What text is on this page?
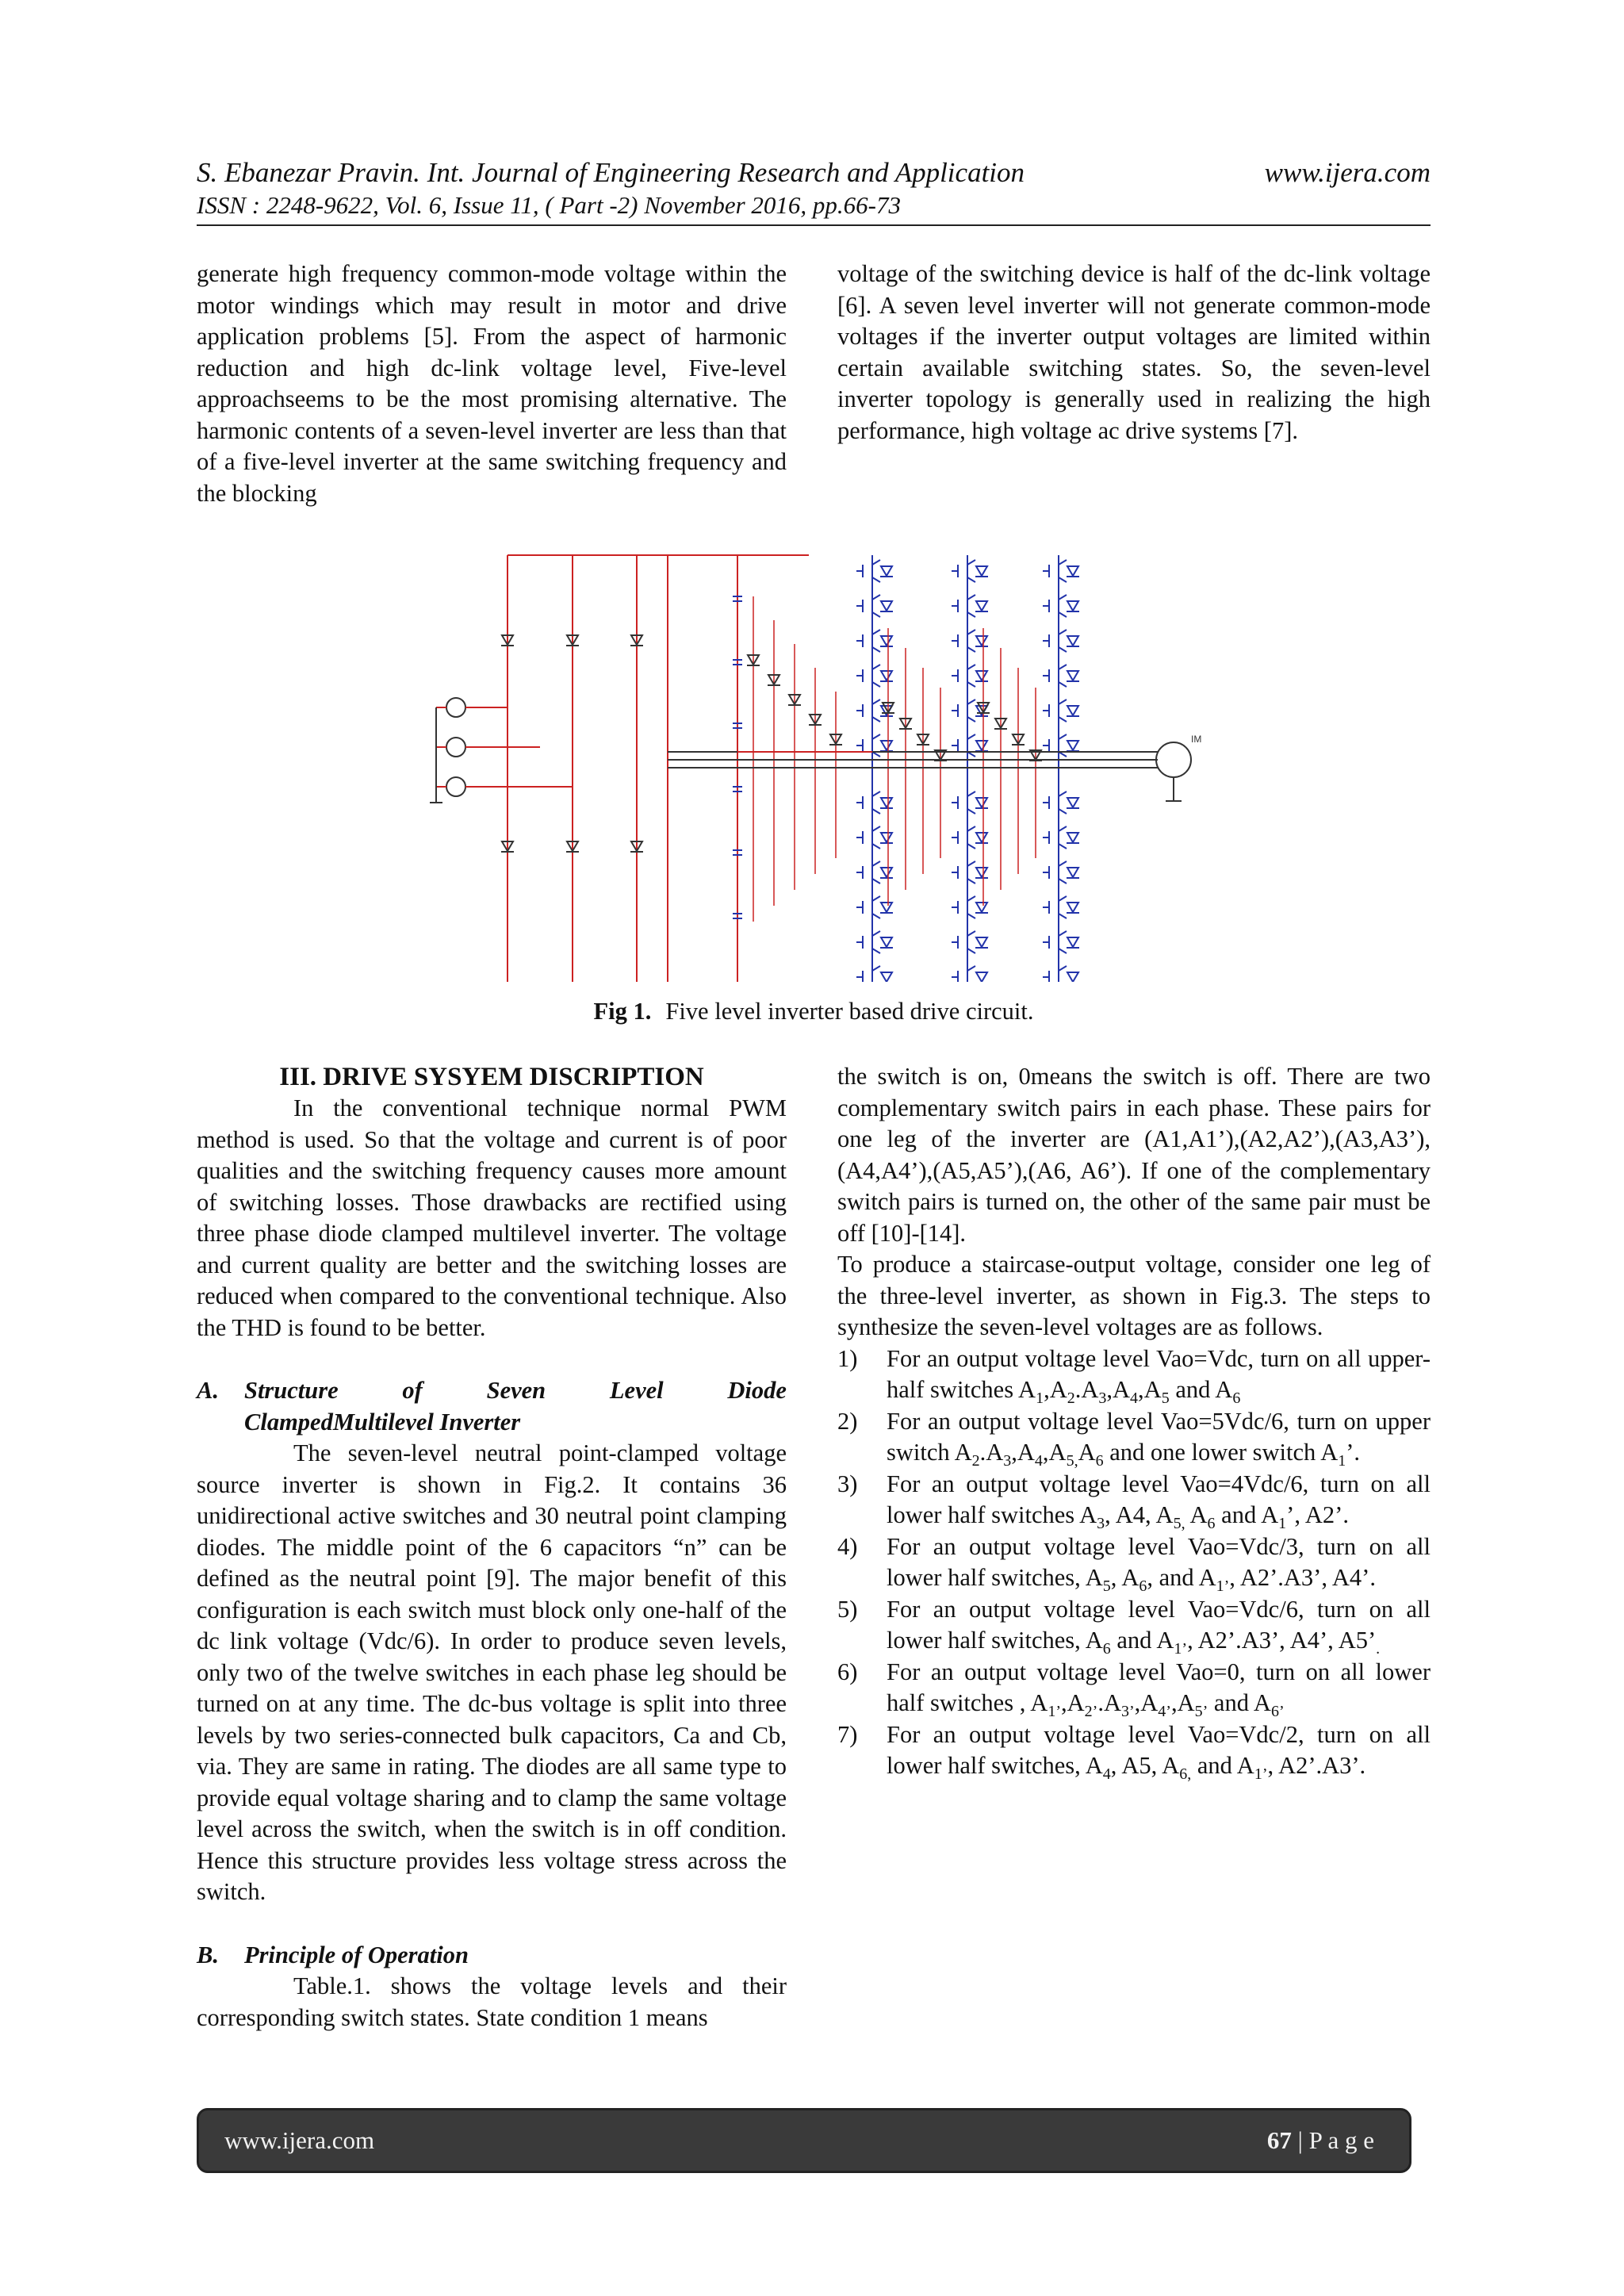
S. Ebanezar Pravin. Int. Journal of Engineering Research and Application	www.ijera.com
ISSN : 2248-9622, Vol. 6, Issue 11, ( Part -2) November 2016, pp.66-73

generate high frequency common-mode voltage within the motor windings which may result in motor and drive application problems [5]. From the aspect of harmonic reduction and high dc-link voltage level, Five-level approachseems to be the most promising alternative. The harmonic contents of a seven-level inverter are less than that of a five-level inverter at the same switching frequency and the blocking

voltage of the switching device is half of the dc-link voltage [6]. A seven level inverter will not generate common-mode voltages if the inverter output voltages are limited within certain available switching states. So, the seven-level inverter topology is generally used in realizing the high performance, high voltage ac drive systems [7].

IM
Fig 1. Five level inverter based drive circuit.
III. DRIVE SYSYEM DISCRIPTION

In the conventional technique normal PWM method is used. So that the voltage and current is of poor qualities and the switching frequency causes more amount of switching losses. Those drawbacks are rectified using three phase diode clamped multilevel inverter. The voltage and current quality are better and the switching losses are reduced when compared to the conventional technique. Also the THD is found to be better.

A.	Structure	of	Seven	Level	Diode
ClampedMultilevel Inverter

The seven-level neutral point-clamped voltage source inverter is shown in Fig.2. It contains 36 unidirectional active switches and 30 neutral point clamping diodes. The middle point of the 6 capacitors “n” can be defined as the neutral point [9]. The major benefit of this configuration is each switch must block only one-half of the dc link voltage (Vdc/6). In order to produce seven levels, only two of the twelve switches in each phase leg should be turned on at any time. The dc-bus voltage is split into three levels by two series-connected bulk capacitors, Ca and Cb, via. They are same in rating. The diodes are all same type to provide equal voltage sharing and to clamp the same voltage level across the switch, when the switch is in off condition. Hence this structure provides less voltage stress across the switch.

B.	Principle of Operation

Table.1. shows the voltage levels and their corresponding switch states. State condition 1 means

the switch is on, 0means the switch is off. There are two complementary switch pairs in each phase. These pairs for one leg of the inverter are (A1,A1’),(A2,A2’),(A3,A3’),(A4,A4’),(A5,A5’),(A6, A6’). If one of the complementary switch pairs is turned on, the other of the same pair must be off [10]-[14].

To produce a staircase-output voltage, consider one leg of the three-level inverter, as shown in Fig.3. The steps to synthesize the seven-level voltages are as follows.

1)	For an output voltage level Vao=Vdc, turn on all upper-half switches $A_1,A_2.A_3,A_4,A_5$ and $A_6$
2)	For an output voltage level Vao=5Vdc/6, turn on upper switch $A_2.A_3,A_4,A_{5,}A_6$ and one lower switch $A_1$’.
3)	For an output voltage level Vao=4Vdc/6, turn on all lower half switches $A_3$, A4, $A_{5,}$ $A_6$ and $A_1$’, A2’.
4)	For an output voltage level Vao=Vdc/3, turn on all lower half switches, $A_5$, $A_6$, and $A_{1’}$, A2’.A3’, A4’.
5)	For an output voltage level Vao=Vdc/6, turn on all lower half switches, $A_6$ and $A_{1’}$, A2’.A3’, A4’, $A5’_.$
6)	For an output voltage level Vao=0, turn on all lower half switches , $A_{1’},A_{2’}.A_{3’},A_{4’},A_{5’}$ and $A_{6’}$
7)	For an output voltage level Vao=Vdc/2, turn on all lower half switches, $A_4$, A5, $A_{6,}$ and $A_{1’}$, A2’.A3’.
www.ijera.com	67 | P a g e
